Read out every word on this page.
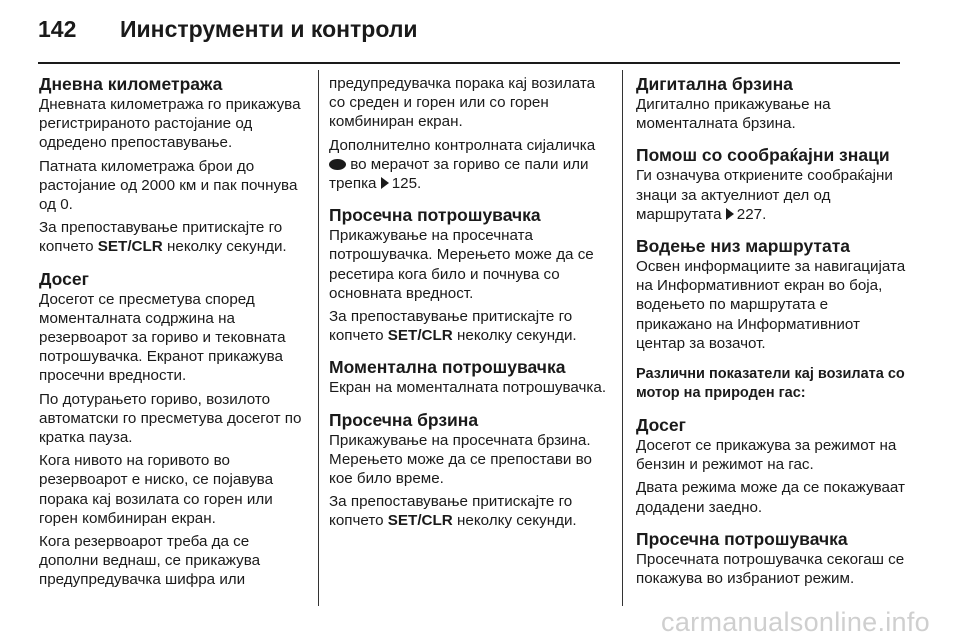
142	Иинструменти и контроли
Дневна километража

Дневната километража го прикажува регистрираното растојание од одредено препоставување.

Патната километража брои до растојание од 2000 км и пак почнува од 0.

За препоставување притискајте го копчето SET/CLR неколку секунди.

Досег

Досегот се пресметува според моменталната содржина на резервоарот за гориво и тековната потрошувачка. Екранот прикажува просечни вредности.

По дотурањето гориво, возилото автоматски го пресметува досегот по кратка пауза.

Кога нивото на горивото во резервоарот е ниско, се појавува порака кај возилата со горен или горен комбиниран екран.

Кога резервоарот треба да се дополни веднаш, се прикажува предупредувачка шифра или

предупредувачка порака кај возилата со среден и горен или со горен комбиниран екран.

Дополнително контролната сијаличка  во мерачот за гориво се пали или трепка 125.

Просечна потрошувачка

Прикажување на просечната потрошувачка. Мерењето може да се ресетира кога било и почнува со основната вредност.

За препоставување притискајте го копчето SET/CLR неколку секунди.

Моментална потрошувачка

Екран на моменталната потрошувачка.

Просечна брзина

Прикажување на просечната брзина. Мерењето може да се препостави во кое било време.

За препоставување притискајте го копчето SET/CLR неколку секунди.

Дигитална брзина

Дигитално прикажување на моменталната брзина.

Помош со сообраќајни знаци

Ги означува откриените сообраќајни знаци за актуелниот дел од маршрутата 227.

Водење низ маршрутата

Освен информациите за навигацијата на Информативниот екран во боја, водењето по маршрутата е прикажано на Информативниот центар за возачот.

Различни показатели кај возилата со мотор на природен гас:
Досег

Досегот се прикажува за режимот на бензин и режимот на гас.

Двата режима може да се покажуваат додадени заедно.

Просечна потрошувачка

Просечната потрошувачка секогаш се покажува во избраниот режим.

carmanualsonline.info
